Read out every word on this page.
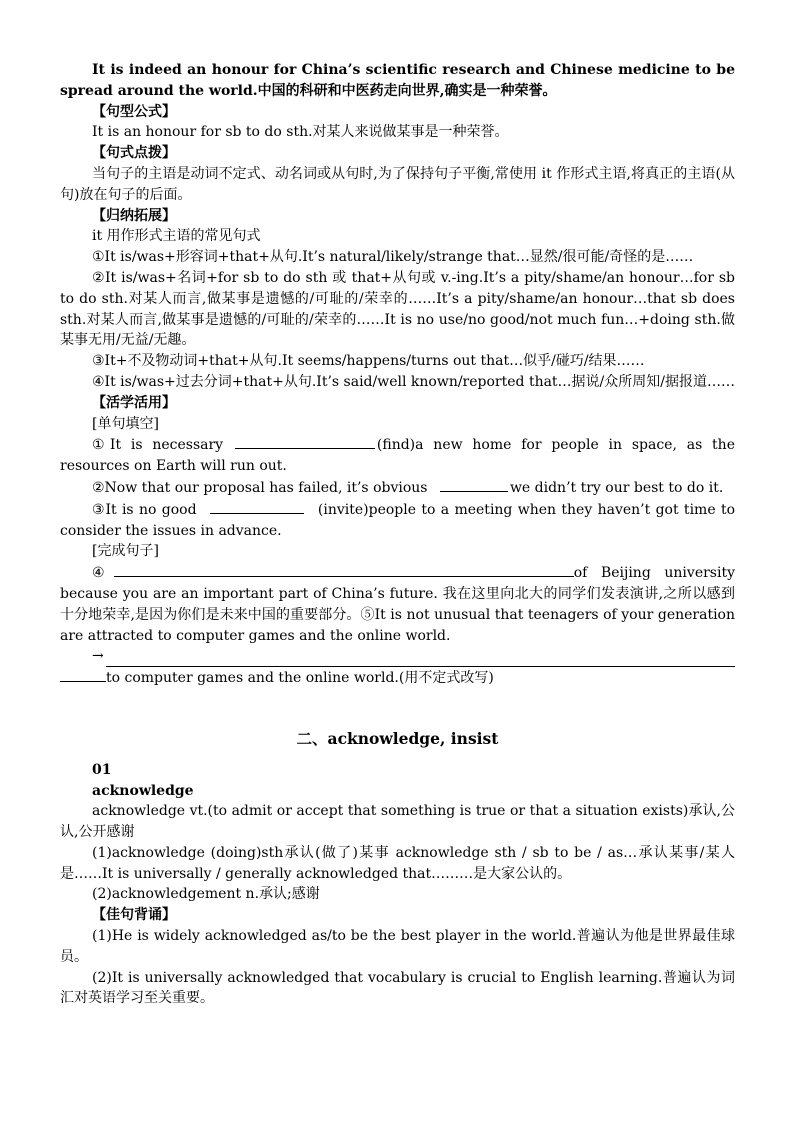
It is indeed an honour for China’s scientific research and Chinese medicine to be spread around the world.中国的科研和中医药走向世界,确实是一种荣誉。

【句型公式】

It is an honour for sb to do sth.对某人来说做某事是一种荣誉。

【句式点拨】

当句子的主语是动词不定式、动名词或从句时,为了保持句子平衡,常使用 it 作形式主语,将真正的主语(从句)放在句子的后面。

【归纳拓展】

it 用作形式主语的常见句式

①It is/was+形容词+that+从句.It’s natural/likely/strange that…显然/很可能/奇怪的是……

②It is/was+名词+for sb to do sth 或 that+从句或 v.-ing.It’s a pity/shame/an honour…for sb to do sth.对某人而言,做某事是遗憾的/可耻的/荣幸的……It’s a pity/shame/an honour…that sb does sth.对某人而言,做某事是遗憾的/可耻的/荣幸的……It is no use/no good/not much fun…+doing sth.做某事无用/无益/无趣。

③It+不及物动词+that+从句.It seems/happens/turns out that…似乎/碰巧/结果……

④It is/was+过去分词+that+从句.It’s said/well known/reported that…据说/众所周知/据报道……

【活学活用】

[单句填空]

①It is necessary	(find)a new home for people in space, as the resources on Earth will run out.

②Now that our proposal has failed, it’s obvious	we didn’t try our best to do it.

③It is no good	(invite)people to a meeting when they haven’t got time to consider the issues in advance.

[完成句子]

④	of Beijing university because you are an important part of China’s future. 我在这里向北大的同学们发表演讲,之所以感到十分地荣幸,是因为你们是未来中国的重要部分。⑤It is not unusual that teenagers of your generation are attracted to computer games and the online world.

→

to computer games and the online world.(用不定式改写)

二、acknowledge, insist

01

acknowledge

acknowledge vt.(to admit or accept that something is true or that a situation exists)承认,公认,公开感谢

(1)acknowledge (doing)sth承认(做了)某事 acknowledge sth / sb to be / as…承认某事/某人是……It is universally / generally acknowledged that………是大家公认的。

(2)acknowledgement n.承认;感谢

【佳句背诵】

(1)He is widely acknowledged as/to be the best player in the world.普遍认为他是世界最佳球员。

(2)It is universally acknowledged that vocabulary is crucial to English learning.普遍认为词汇对英语学习至关重要。
